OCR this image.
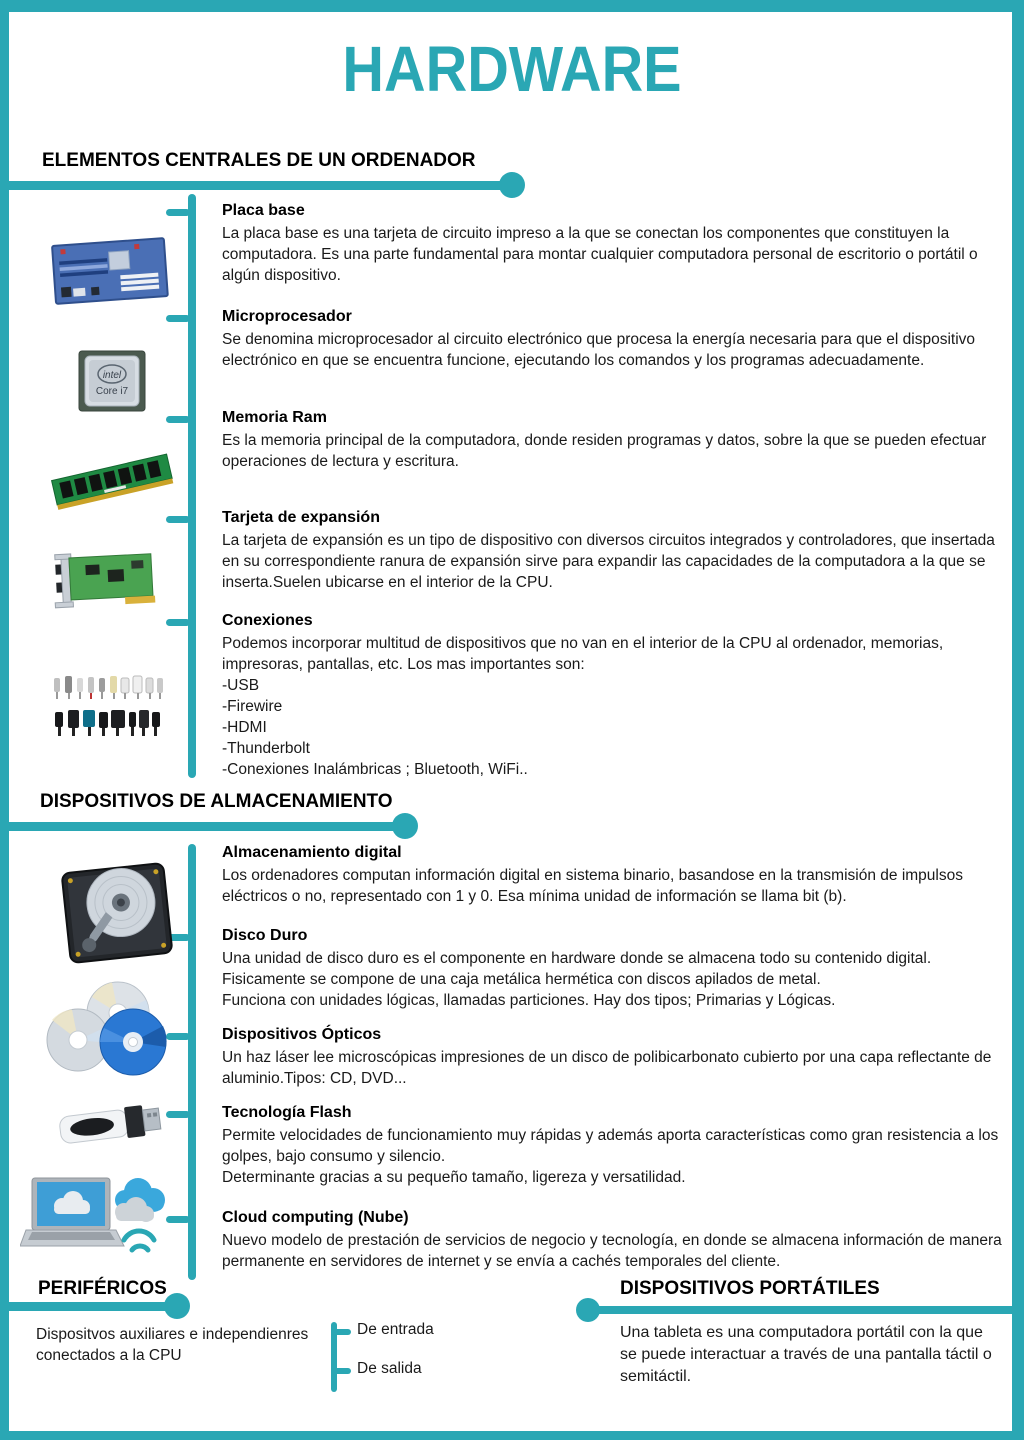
HARDWARE
ELEMENTOS CENTRALES DE UN ORDENADOR
Placa base

La placa base es una tarjeta de circuito impreso a la que se conectan los componentes que constituyen la computadora. Es una parte fundamental para montar cualquier computadora personal de escritorio o portátil o algún dispositivo.

Microprocesador

Se denomina microprocesador al circuito electrónico que procesa la energía necesaria para que el dispositivo electrónico en que se encuentra funcione, ejecutando los comandos y los programas adecuadamente.

Memoria Ram

Es la memoria principal de la computadora, donde residen programas y datos, sobre la que se pueden efectuar operaciones de lectura y escritura.

Tarjeta de expansión

La tarjeta de expansión es un tipo de dispositivo con diversos circuitos integrados y controladores, que insertada en su correspondiente ranura de expansión sirve para expandir las capacidades de la computadora a la que se inserta.Suelen ubicarse en el interior de la CPU.

Conexiones

Podemos incorporar multitud de dispositivos que no van en el interior de la CPU al ordenador, memorias, impresoras, pantallas, etc. Los mas importantes son:

-USB

-Firewire

-HDMI

-Thunderbolt

-Conexiones Inalámbricas ; Bluetooth, WiFi..

DISPOSITIVOS DE ALMACENAMIENTO
Almacenamiento digital

Los ordenadores computan información digital en sistema binario, basandose en la transmisión de impulsos eléctricos o no, representado con 1 y 0. Esa mínima unidad de información se llama bit (b).

Disco Duro

Una unidad de disco duro es el componente en hardware donde se almacena todo su contenido digital.

Fisicamente se compone de una caja metálica hermética con discos apilados de metal.

Funciona con unidades lógicas, llamadas particiones. Hay dos tipos; Primarias y Lógicas.

Dispositivos Ópticos

Un haz láser lee microscópicas impresiones de un disco de polibicarbonato cubierto por una capa reflectante de aluminio.Tipos: CD, DVD...

Tecnología Flash

Permite velocidades de funcionamiento muy rápidas y además aporta características como gran resistencia a los golpes, bajo consumo y silencio.

Determinante gracias a su pequeño tamaño, ligereza y versatilidad.

Cloud computing (Nube)

Nuevo modelo de prestación de servicios de negocio y tecnología, en donde se almacena información de manera permanente en servidores de internet y se envía a cachés temporales del cliente.

PERIFÉRICOS
Dispositvos auxiliares e independienres conectados a la CPU
De entrada
De salida
DISPOSITIVOS PORTÁTILES
Una tableta es una computadora portátil con la que se puede interactuar a través de una pantalla táctil o semitáctil.
intel
Core i7
